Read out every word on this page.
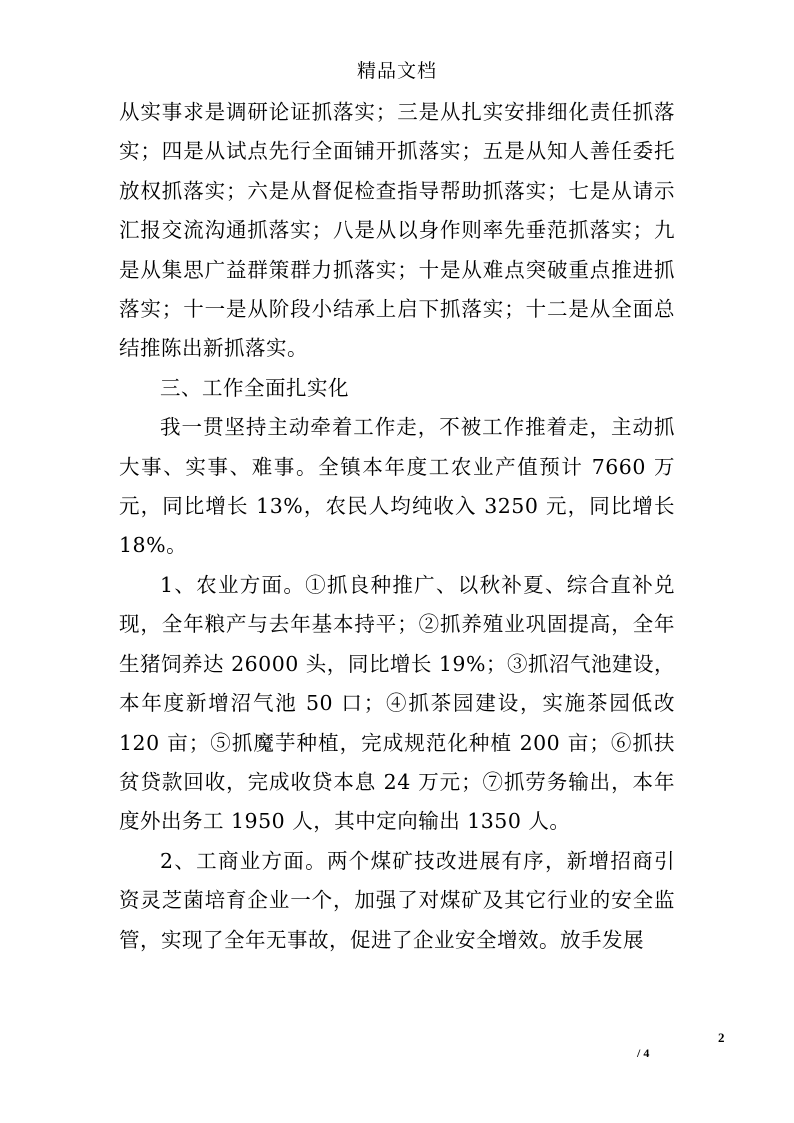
精品文档

从实事求是调研论证抓落实；三是从扎实安排细化责任抓落实；四是从试点先行全面铺开抓落实；五是从知人善任委托放权抓落实；六是从督促检查指导帮助抓落实；七是从请示汇报交流沟通抓落实；八是从以身作则率先垂范抓落实；九是从集思广益群策群力抓落实；十是从难点突破重点推进抓落实；十一是从阶段小结承上启下抓落实；十二是从全面总结推陈出新抓落实。

三、工作全面扎实化

我一贯坚持主动牵着工作走，不被工作推着走，主动抓大事、实事、难事。全镇本年度工农业产值预计 7660 万元，同比增长 13%，农民人均纯收入 3250 元，同比增长 18%。

1、农业方面。①抓良种推广、以秋补夏、综合直补兑现，全年粮产与去年基本持平；②抓养殖业巩固提高，全年生猪饲养达 26000 头，同比增长 19%；③抓沼气池建设，本年度新增沼气池 50 口；④抓茶园建设，实施茶园低改 120 亩；⑤抓魔芋种植，完成规范化种植 200 亩；⑥抓扶贫贷款回收，完成收贷本息 24 万元；⑦抓劳务输出，本年度外出务工 1950 人，其中定向输出 1350 人。

2、工商业方面。两个煤矿技改进展有序，新增招商引资灵芝菌培育企业一个，加强了对煤矿及其它行业的安全监管，实现了全年无事故，促进了企业安全增效。放手发展

2
/ 4
